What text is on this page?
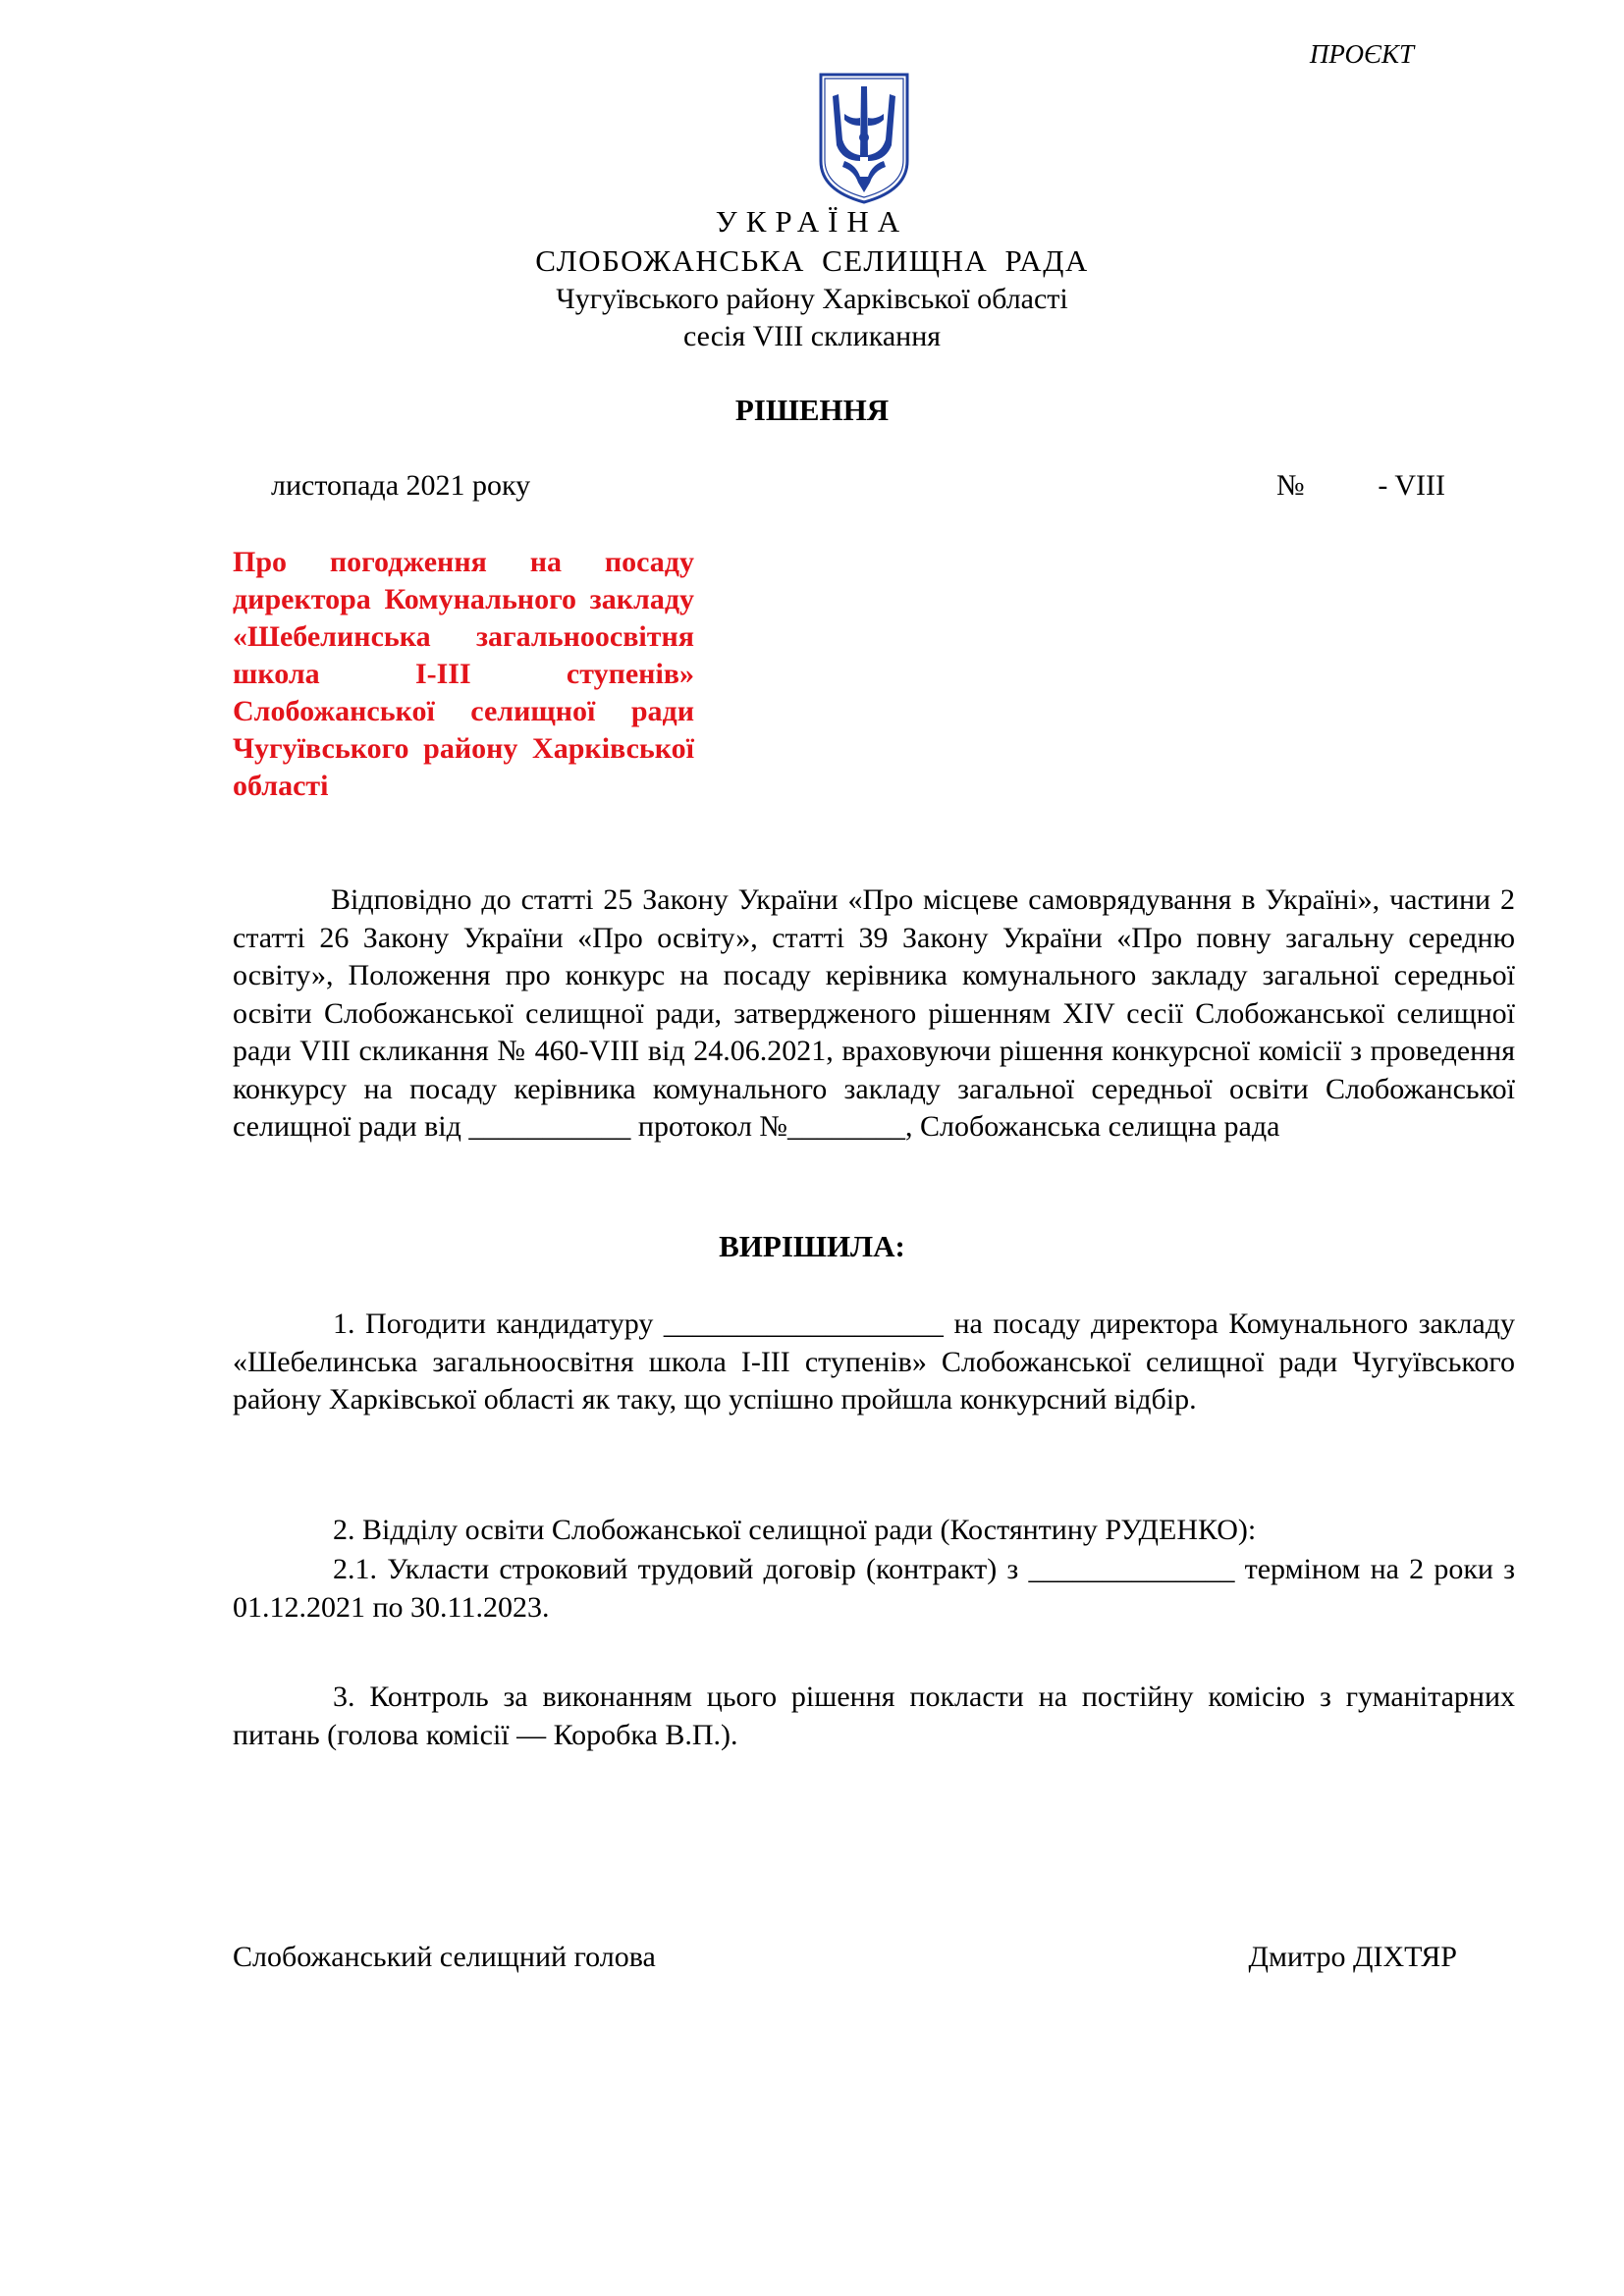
ПРОЄКТ
УКРАЇНА
СЛОБОЖАНСЬКА СЕЛИЩНА РАДА
Чугуївського району Харківської області
сесія VIII скликання
РІШЕННЯ
листопада 2021 року	№ - VIII
Про погодження на посаду директора Комунального закладу «Шебелинська загальноосвітня школа I-III ступенів» Слобожанської селищної ради Чугуївського району Харківської області
Відповідно до статті 25 Закону України «Про місцеве самоврядування в Україні», частини 2 статті 26 Закону України «Про освіту», статті 39 Закону України «Про повну загальну середню освіту», Положення про конкурс на посаду керівника комунального закладу загальної середньої освіти Слобожанської селищної ради, затвердженого рішенням XIV сесії Слобожанської селищної ради VIII скликання № 460-VIII від 24.06.2021, враховуючи рішення конкурсної комісії з проведення конкурсу на посаду керівника комунального закладу загальної середньої освіти Слобожанської селищної ради від ___________ протокол №________, Слобожанська селищна рада
ВИРІШИЛА:
1. Погодити кандидатуру ___________________ на посаду директора Комунального закладу «Шебелинська загальноосвітня школа I-III ступенів» Слобожанської селищної ради Чугуївського району Харківської області як таку, що успішно пройшла конкурсний відбір.
2. Відділу освіти Слобожанської селищної ради (Костянтину РУДЕНКО):
2.1. Укласти строковий трудовий договір (контракт) з ______________ терміном на 2 роки з 01.12.2021 по 30.11.2023.
3. Контроль за виконанням цього рішення покласти на постійну комісію з гуманітарних питань (голова комісії — Коробка В.П.).
Слобожанський селищний голова	Дмитро ДІХТЯР
